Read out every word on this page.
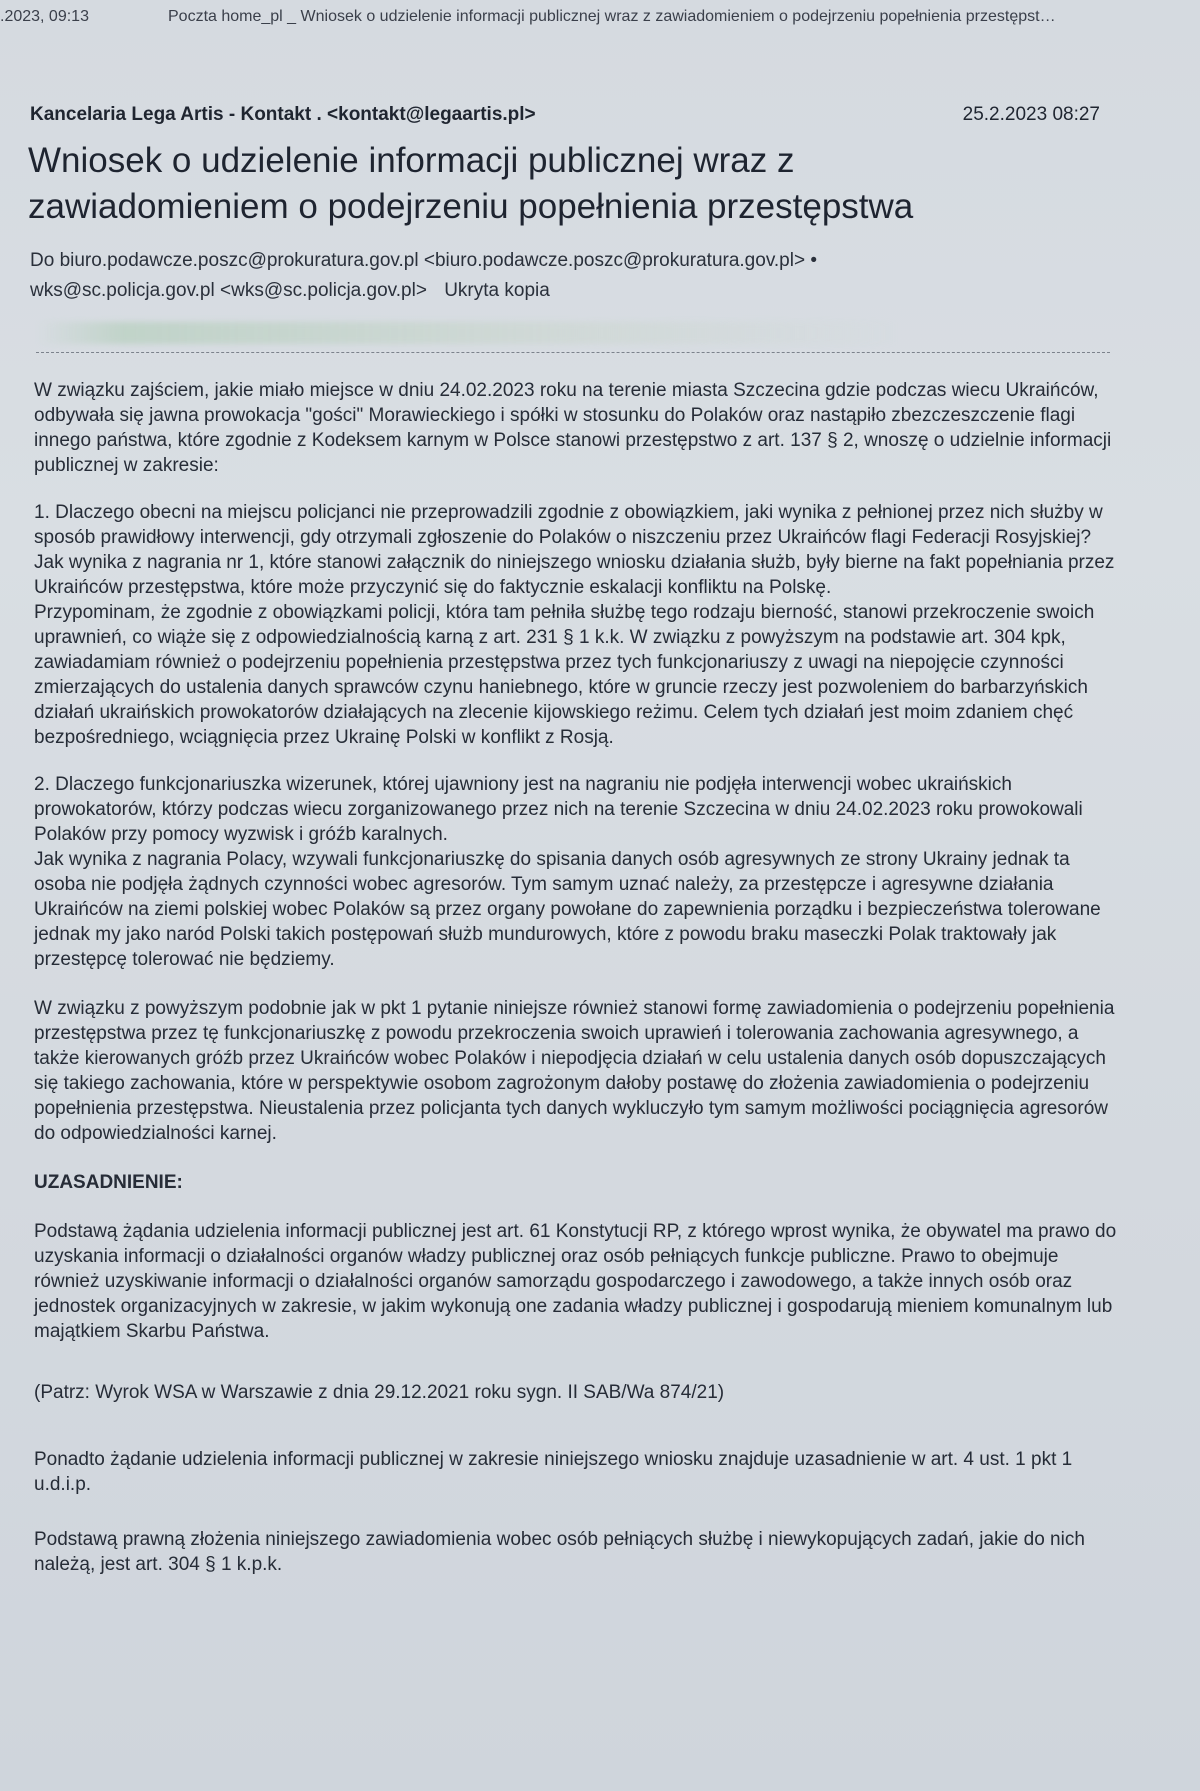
.2023, 09:13	Poczta home_pl _ Wniosek o udzielenie informacji publicznej wraz z zawiadomieniem o podejrzeniu popełnienia przestępst…
Kancelaria Lega Artis - Kontakt . <kontakt@legaartis.pl>	25.2.2023 08:27
Wniosek o udzielenie informacji publicznej wraz z
zawiadomieniem o podejrzeniu popełnienia przestępstwa
Do biuro.podawcze.poszc@prokuratura.gov.pl <biuro.podawcze.poszc@prokuratura.gov.pl> •
wks@sc.policja.gov.pl <wks@sc.policja.gov.pl> Ukryta kopia

W związku zajściem, jakie miało miejsce w dniu 24.02.2023 roku na terenie miasta Szczecina gdzie podczas wiecu Ukraińców, odbywała się jawna prowokacja "gości" Morawieckiego i spółki w stosunku do Polaków oraz nastąpiło zbezczeszczenie flagi innego państwa, które zgodnie z Kodeksem karnym w Polsce stanowi przestępstwo z art. 137 § 2, wnoszę o udzielnie informacji publicznej w zakresie:

1. Dlaczego obecni na miejscu policjanci nie przeprowadzili zgodnie z obowiązkiem, jaki wynika z pełnionej przez nich służby w sposób prawidłowy interwencji, gdy otrzymali zgłoszenie do Polaków o niszczeniu przez Ukraińców flagi Federacji Rosyjskiej? Jak wynika z nagrania nr 1, które stanowi załącznik do niniejszego wniosku działania służb, były bierne na fakt popełniania przez Ukraińców przestępstwa, które może przyczynić się do faktycznie eskalacji konfliktu na Polskę.

Przypominam, że zgodnie z obowiązkami policji, która tam pełniła służbę tego rodzaju bierność, stanowi przekroczenie swoich uprawnień, co wiąże się z odpowiedzialnością karną z art. 231 § 1 k.k. W związku z powyższym na podstawie art. 304 kpk, zawiadamiam również o podejrzeniu popełnienia przestępstwa przez tych funkcjonariuszy z uwagi na niepojęcie czynności zmierzających do ustalenia danych sprawców czynu haniebnego, które w gruncie rzeczy jest pozwoleniem do barbarzyńskich działań ukraińskich prowokatorów działających na zlecenie kijowskiego reżimu. Celem tych działań jest moim zdaniem chęć bezpośredniego, wciągnięcia przez Ukrainę Polski w konflikt z Rosją.

2. Dlaczego funkcjonariuszka wizerunek, której ujawniony jest na nagraniu nie podjęła interwencji wobec ukraińskich prowokatorów, którzy podczas wiecu zorganizowanego przez nich na terenie Szczecina w dniu 24.02.2023 roku prowokowali Polaków przy pomocy wyzwisk i gróźb karalnych.

Jak wynika z nagrania Polacy, wzywali funkcjonariuszkę do spisania danych osób agresywnych ze strony Ukrainy jednak ta osoba nie podjęła żądnych czynności wobec agresorów. Tym samym uznać należy, za przestępcze i agresywne działania Ukraińców na ziemi polskiej wobec Polaków są przez organy powołane do zapewnienia porządku i bezpieczeństwa tolerowane jednak my jako naród Polski takich postępowań służb mundurowych, które z powodu braku maseczki Polak traktowały jak przestępcę tolerować nie będziemy.

W związku z powyższym podobnie jak w pkt 1 pytanie niniejsze również stanowi formę zawiadomienia o podejrzeniu popełnienia przestępstwa przez tę funkcjonariuszkę z powodu przekroczenia swoich uprawień i tolerowania zachowania agresywnego, a także kierowanych gróźb przez Ukraińców wobec Polaków i niepodjęcia działań w celu ustalenia danych osób dopuszczających się takiego zachowania, które w perspektywie osobom zagrożonym dałoby postawę do złożenia zawiadomienia o podejrzeniu popełnienia przestępstwa. Nieustalenia przez policjanta tych danych wykluczyło tym samym możliwości pociągnięcia agresorów do odpowiedzialności karnej.

UZASADNIENIE:

Podstawą żądania udzielenia informacji publicznej jest art. 61 Konstytucji RP, z którego wprost wynika, że obywatel ma prawo do uzyskania informacji o działalności organów władzy publicznej oraz osób pełniących funkcje publiczne. Prawo to obejmuje również uzyskiwanie informacji o działalności organów samorządu gospodarczego i zawodowego, a także innych osób oraz jednostek organizacyjnych w zakresie, w jakim wykonują one zadania władzy publicznej i gospodarują mieniem komunalnym lub majątkiem Skarbu Państwa.

(Patrz: Wyrok WSA w Warszawie z dnia 29.12.2021 roku sygn. II SAB/Wa 874/21)

Ponadto żądanie udzielenia informacji publicznej w zakresie niniejszego wniosku znajduje uzasadnienie w art. 4 ust. 1 pkt 1 u.d.i.p.

Podstawą prawną złożenia niniejszego zawiadomienia wobec osób pełniących służbę i niewykopujących zadań, jakie do nich należą, jest art. 304 § 1 k.p.k.
